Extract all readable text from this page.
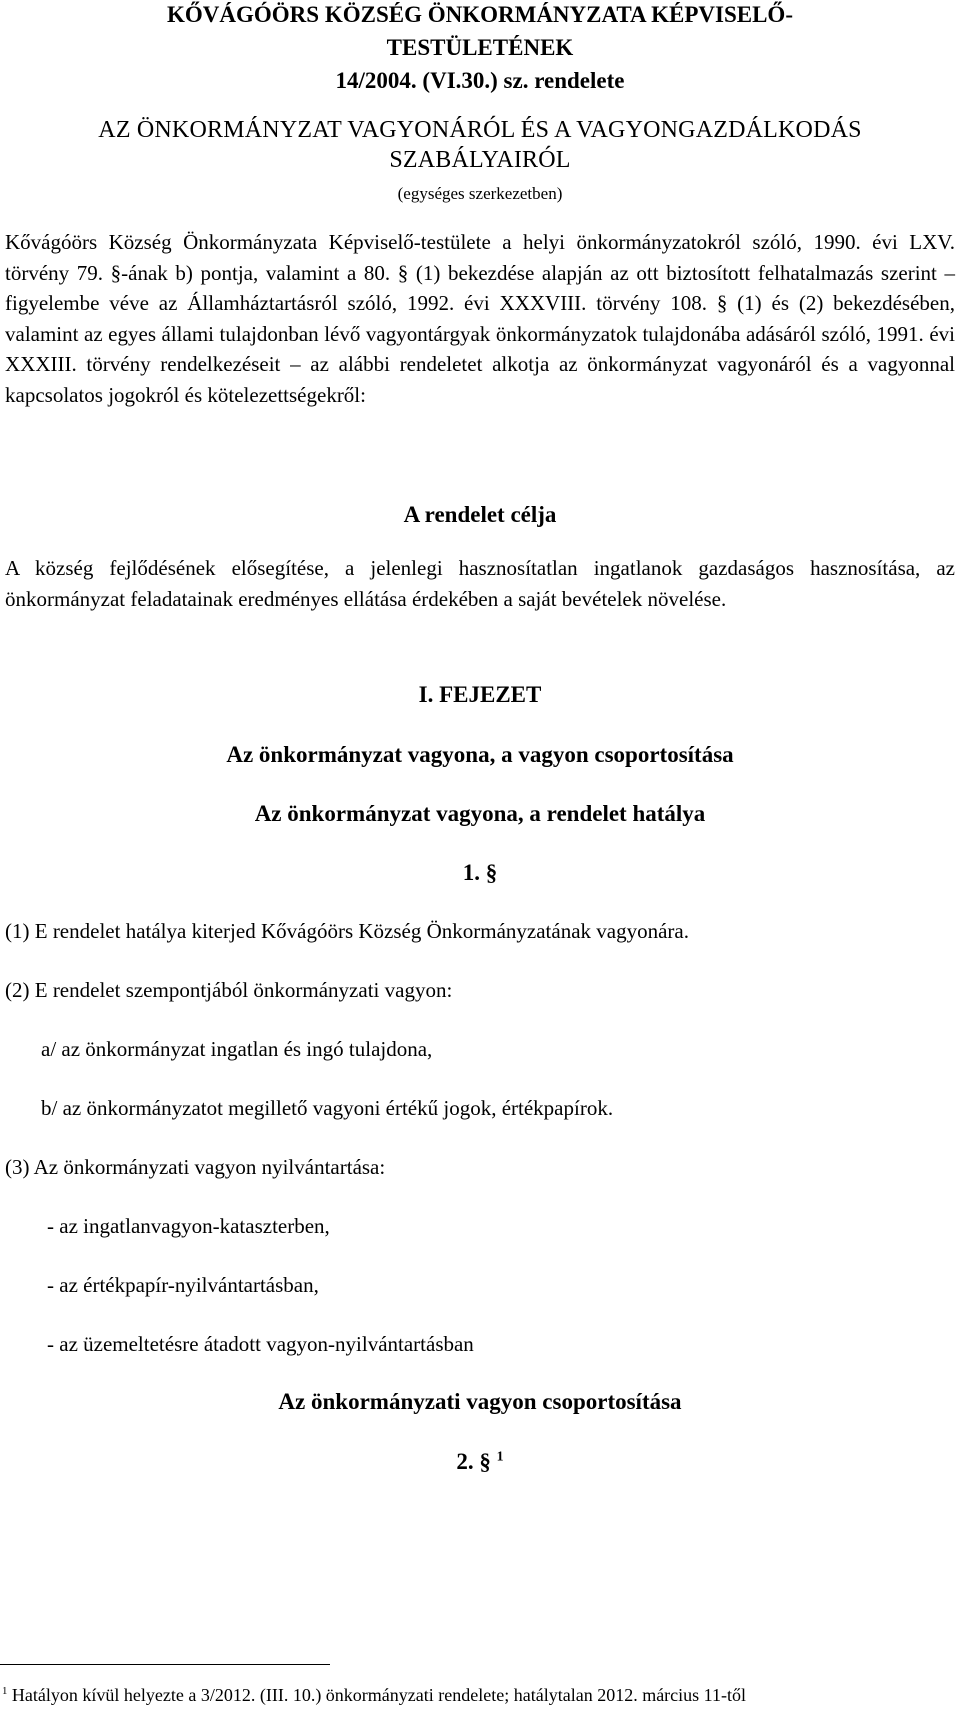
KŐVÁGÓÖRS KÖZSÉG ÖNKORMÁNYZATA KÉPVISELŐ-

TESTÜLETÉNEK

14/2004. (VI.30.) sz. rendelete

AZ ÖNKORMÁNYZAT VAGYONÁRÓL ÉS A VAGYONGAZDÁLKODÁS

SZABÁLYAIRÓL

(egységes szerkezetben)

Kővágóörs Község Önkormányzata Képviselő-testülete a helyi önkormányzatokról szóló, 1990. évi LXV. törvény 79. §-ának b) pontja, valamint a 80. § (1) bekezdése alapján az ott biztosított felhatalmazás szerint – figyelembe véve az Államháztartásról szóló, 1992. évi XXXVIII. törvény 108. § (1) és (2) bekezdésében, valamint az egyes állami tulajdonban lévő vagyontárgyak önkormányzatok tulajdonába adásáról szóló, 1991. évi XXXIII. törvény rendelkezéseit – az alábbi rendeletet alkotja az önkormányzat vagyonáról és a vagyonnal kapcsolatos jogokról és kötelezettségekről:
A rendelet célja
A község fejlődésének elősegítése, a jelenlegi hasznosítatlan ingatlanok gazdaságos hasznosítása, az önkormányzat feladatainak eredményes ellátása érdekében a saját bevételek növelése.
I. FEJEZET
Az önkormányzat vagyona, a vagyon csoportosítása
Az önkormányzat vagyona, a rendelet hatálya
1. §
(1) E rendelet hatálya kiterjed Kővágóörs Község Önkormányzatának vagyonára.
(2) E rendelet szempontjából önkormányzati vagyon:
a/ az önkormányzat ingatlan és ingó tulajdona,
b/ az önkormányzatot megillető vagyoni értékű jogok, értékpapírok.
(3) Az önkormányzati vagyon nyilvántartása:
- az ingatlanvagyon-kataszterben,
- az értékpapír-nyilvántartásban,
- az üzemeltetésre átadott vagyon-nyilvántartásban
Az önkormányzati vagyon csoportosítása
2. § $^1$
$^1$ Hatályon kívül helyezte a 3/2012. (III. 10.) önkormányzati rendelete; hatálytalan 2012. március 11-től
